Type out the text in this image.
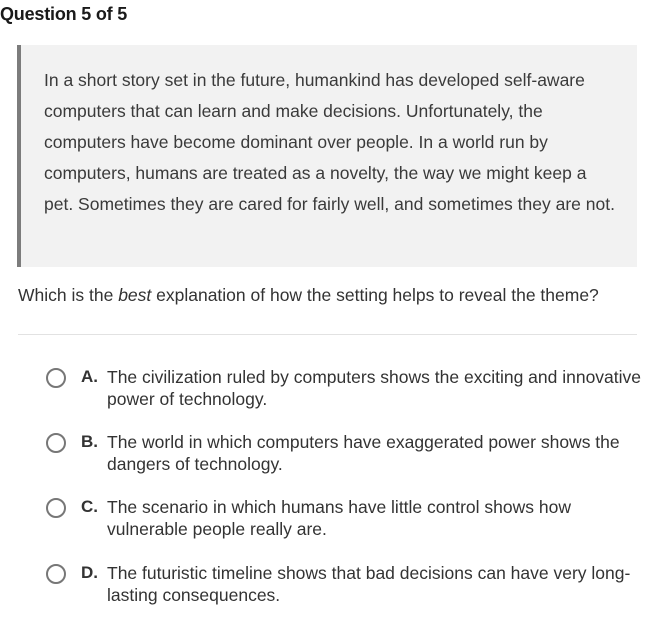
Question 5 of 5
In a short story set in the future, humankind has developed self-aware computers that can learn and make decisions. Unfortunately, the computers have become dominant over people. In a world run by computers, humans are treated as a novelty, the way we might keep a pet. Sometimes they are cared for fairly well, and sometimes they are not.
Which is the best explanation of how the setting helps to reveal the theme?
A. The civilization ruled by computers shows the exciting and innovative power of technology.
B. The world in which computers have exaggerated power shows the dangers of technology.
C. The scenario in which humans have little control shows how vulnerable people really are.
D. The futuristic timeline shows that bad decisions can have very long-lasting consequences.
